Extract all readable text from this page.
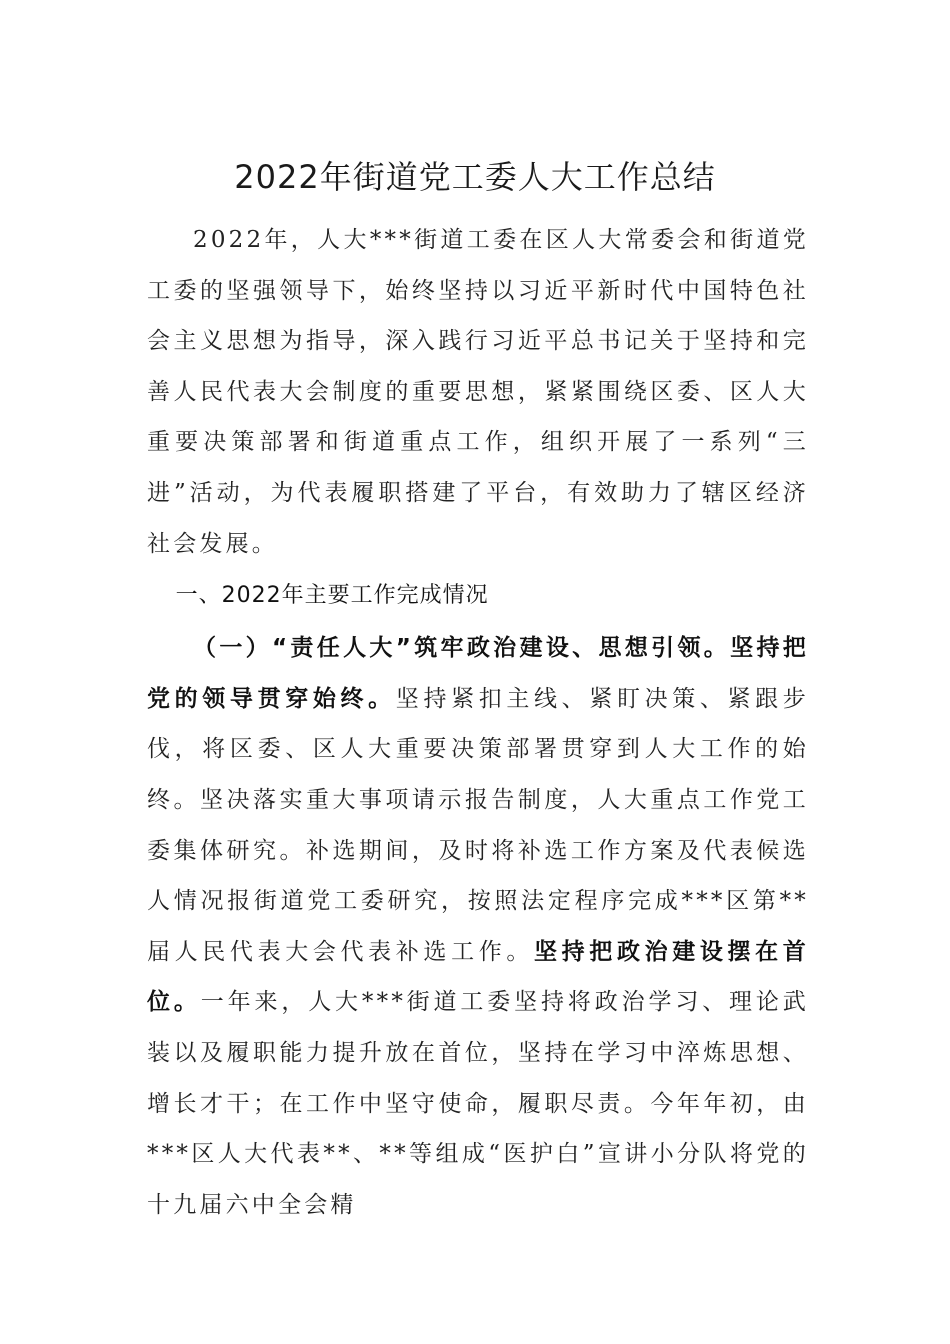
2022年街道党工委人大工作总结

2022年，人大***街道工委在区人大常委会和街道党工委的坚强领导下，始终坚持以习近平新时代中国特色社会主义思想为指导，深入践行习近平总书记关于坚持和完善人民代表大会制度的重要思想，紧紧围绕区委、区人大重要决策部署和街道重点工作，组织开展了一系列“三进”活动，为代表履职搭建了平台，有效助力了辖区经济社会发展。

一、2022年主要工作完成情况

（一）“责任人大”筑牢政治建设、思想引领。坚持把党的领导贯穿始终。坚持紧扣主线、紧盯决策、紧跟步伐，将区委、区人大重要决策部署贯穿到人大工作的始终。坚决落实重大事项请示报告制度，人大重点工作党工委集体研究。补选期间，及时将补选工作方案及代表候选人情况报街道党工委研究，按照法定程序完成***区第**届人民代表大会代表补选工作。坚持把政治建设摆在首位。一年来，人大***街道工委坚持将政治学习、理论武装以及履职能力提升放在首位，坚持在学习中淬炼思想、增长才干；在工作中坚守使命，履职尽责。今年年初，由***区人大代表**、**等组成“医护白”宣讲小分队将党的十九届六中全会精
